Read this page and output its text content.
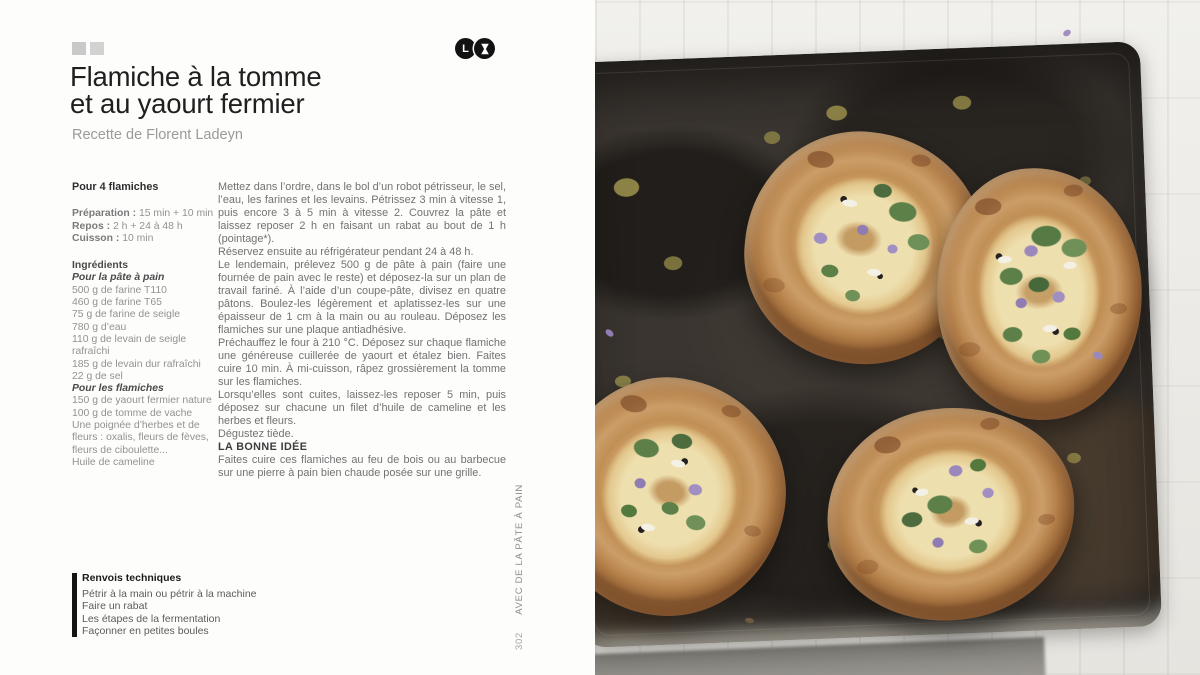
L
Flamiche à la tomme
et au yaourt fermier
Recette de Florent Ladeyn
Pour 4 flamiches
Préparation : 15 min + 10 min
Repos : 2 h + 24 à 48 h
Cuisson : 10 min
Ingrédients
Pour la pâte à pain
500 g de farine T110
460 g de farine T65
75 g de farine de seigle
780 g d’eau
110 g de levain de seigle rafraîchi
185 g de levain dur rafraîchi
22 g de sel
Pour les flamiches
150 g de yaourt fermier nature
100 g de tomme de vache
Une poignée d’herbes et de fleurs : oxalis, fleurs de fèves, fleurs de ciboulette...
Huile de cameline

Mettez dans l’ordre, dans le bol d’un robot pétrisseur, le sel, l’eau, les farines et les levains. Pétrissez 3 min à vitesse 1, puis encore 3 à 5 min à vitesse 2. Couvrez la pâte et laissez reposer 2 h en faisant un rabat au bout de 1 h (pointage*).

Réservez ensuite au réfrigérateur pendant 24 à 48 h.

Le lendemain, prélevez 500 g de pâte à pain (faire une fournée de pain avec le reste) et déposez-la sur un plan de travail fariné. À l’aide d’un coupe-pâte, divisez en quatre pâtons. Boulez-les légèrement et aplatissez-les sur une épaisseur de 1 cm à la main ou au rouleau. Déposez les flamiches sur une plaque antiadhésive.

Préchauffez le four à 210 °C. Déposez sur chaque flamiche une généreuse cuillerée de yaourt et étalez bien. Faites cuire 10 min. À mi-cuisson, râpez grossièrement la tomme sur les flamiches.

Lorsqu’elles sont cuites, laissez-les reposer 5 min, puis déposez sur chacune un filet d’huile de cameline et les herbes et fleurs.

Dégustez tiède.

LA BONNE IDÉE

Faites cuire ces flamiches au feu de bois ou au barbecue sur une pierre à pain bien chaude posée sur une grille.

Renvois techniques
Pétrir à la main ou pétrir à la machine
Faire un rabat
Les étapes de la fermentation
Façonner en petites boules
302 AVEC DE LA PÂTE À PAIN
